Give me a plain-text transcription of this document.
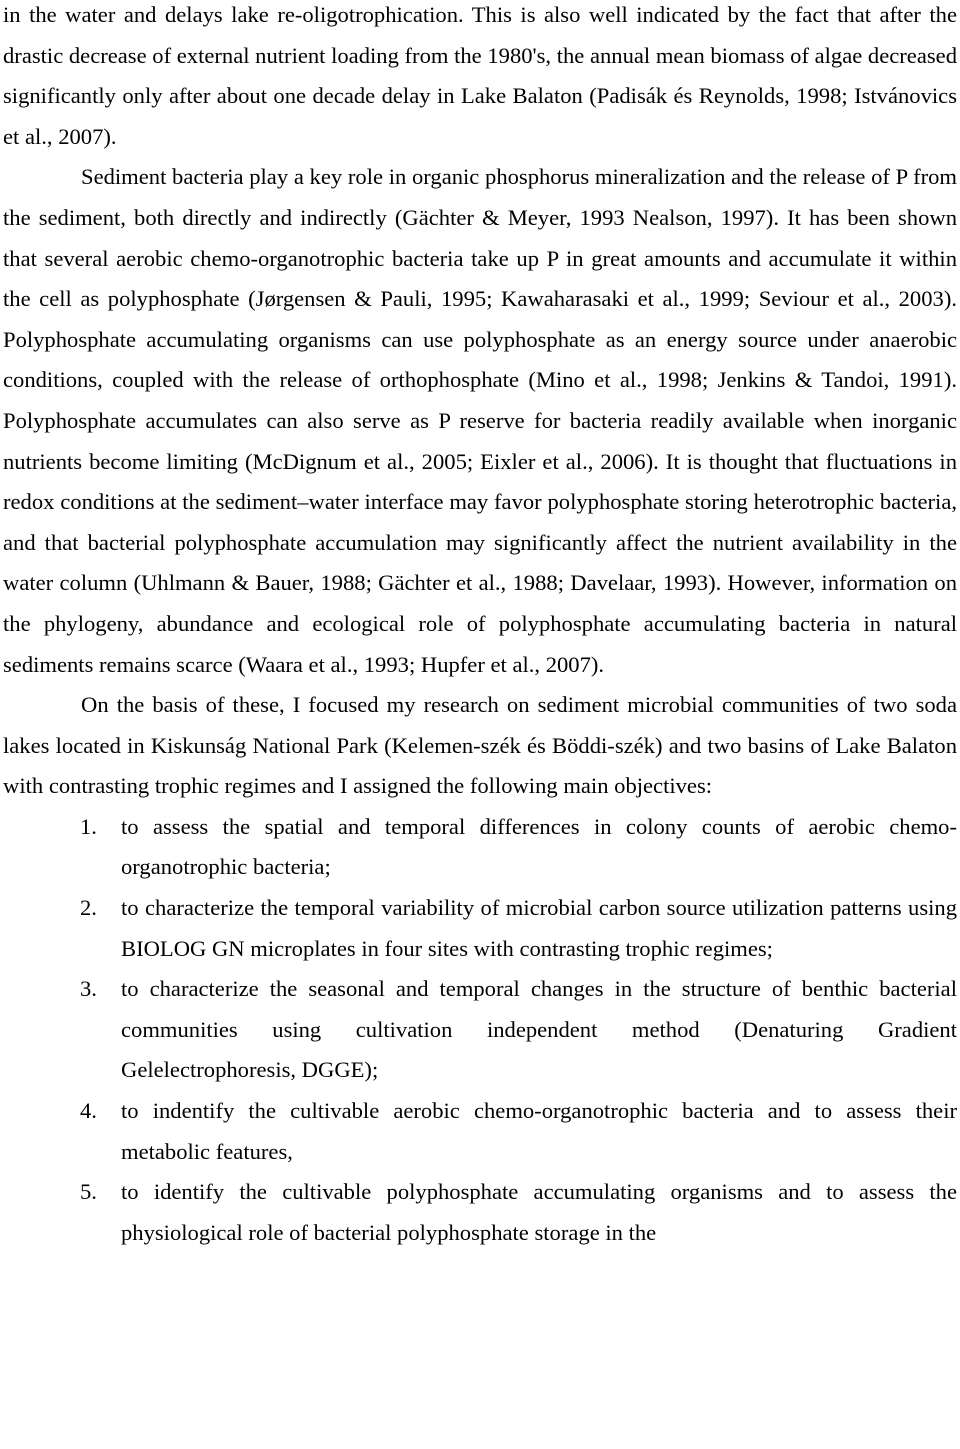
in the water and delays lake re-oligotrophication. This is also well indicated by the fact that after the drastic decrease of external nutrient loading from the 1980's, the annual mean biomass of algae decreased significantly only after about one decade delay in Lake Balaton (Padisák és Reynolds, 1998; Istvánovics et al., 2007).

Sediment bacteria play a key role in organic phosphorus mineralization and the release of P from the sediment, both directly and indirectly (Gächter & Meyer, 1993 Nealson, 1997). It has been shown that several aerobic chemo-organotrophic bacteria take up P in great amounts and accumulate it within the cell as polyphosphate (Jørgensen & Pauli, 1995; Kawaharasaki et al., 1999; Seviour et al., 2003). Polyphosphate accumulating organisms can use polyphosphate as an energy source under anaerobic conditions, coupled with the release of orthophosphate (Mino et al., 1998; Jenkins & Tandoi, 1991). Polyphosphate accumulates can also serve as P reserve for bacteria readily available when inorganic nutrients become limiting (McDignum et al., 2005; Eixler et al., 2006). It is thought that fluctuations in redox conditions at the sediment–water interface may favor polyphosphate storing heterotrophic bacteria, and that bacterial polyphosphate accumulation may significantly affect the nutrient availability in the water column (Uhlmann & Bauer, 1988; Gächter et al., 1988; Davelaar, 1993). However, information on the phylogeny, abundance and ecological role of polyphosphate accumulating bacteria in natural sediments remains scarce (Waara et al., 1993; Hupfer et al., 2007).

On the basis of these, I focused my research on sediment microbial communities of two soda lakes located in Kiskunság National Park (Kelemen-szék és Böddi-szék) and two basins of Lake Balaton with contrasting trophic regimes and I assigned the following main objectives:

1. to assess the spatial and temporal differences in colony counts of aerobic chemo-organotrophic bacteria;
2. to characterize the temporal variability of microbial carbon source utilization patterns using BIOLOG GN microplates in four sites with contrasting trophic regimes;
3. to characterize the seasonal and temporal changes in the structure of benthic bacterial communities using cultivation independent method (Denaturing Gradient Gelelectrophoresis, DGGE);
4. to indentify the cultivable aerobic chemo-organotrophic bacteria and to assess their metabolic features,
5. to identify the cultivable polyphosphate accumulating organisms and to assess the physiological role of bacterial polyphosphate storage in the
